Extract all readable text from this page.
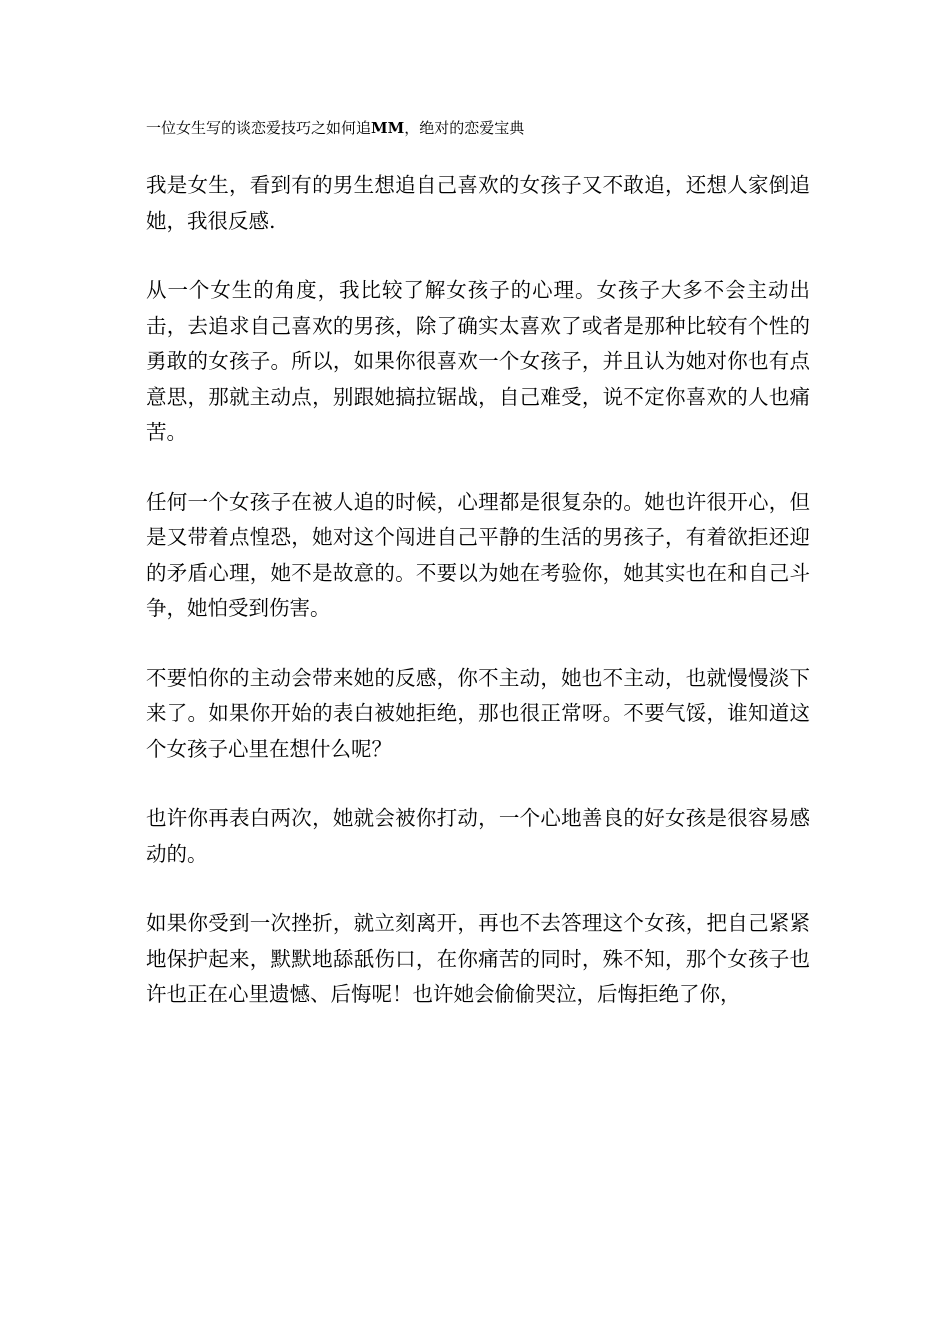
一位女生写的谈恋爱技巧之如何追MM，绝对的恋爱宝典

我是女生，看到有的男生想追自己喜欢的女孩子又不敢追，还想人家倒追她，我很反感.

从一个女生的角度，我比较了解女孩子的心理。女孩子大多不会主动出击，去追求自己喜欢的男孩，除了确实太喜欢了或者是那种比较有个性的勇敢的女孩子。所以，如果你很喜欢一个女孩子，并且认为她对你也有点意思，那就主动点，别跟她搞拉锯战，自己难受，说不定你喜欢的人也痛苦。

任何一个女孩子在被人追的时候，心理都是很复杂的。她也许很开心，但是又带着点惶恐，她对这个闯进自己平静的生活的男孩子，有着欲拒还迎的矛盾心理，她不是故意的。不要以为她在考验你，她其实也在和自己斗争，她怕受到伤害。

不要怕你的主动会带来她的反感，你不主动，她也不主动，也就慢慢淡下来了。如果你开始的表白被她拒绝，那也很正常呀。不要气馁，谁知道这个女孩子心里在想什么呢？

也许你再表白两次，她就会被你打动，一个心地善良的好女孩是很容易感动的。

如果你受到一次挫折，就立刻离开，再也不去答理这个女孩，把自己紧紧地保护起来，默默地舔舐伤口，在你痛苦的同时，殊不知，那个女孩子也许也正在心里遗憾、后悔呢！也许她会偷偷哭泣，后悔拒绝了你，
